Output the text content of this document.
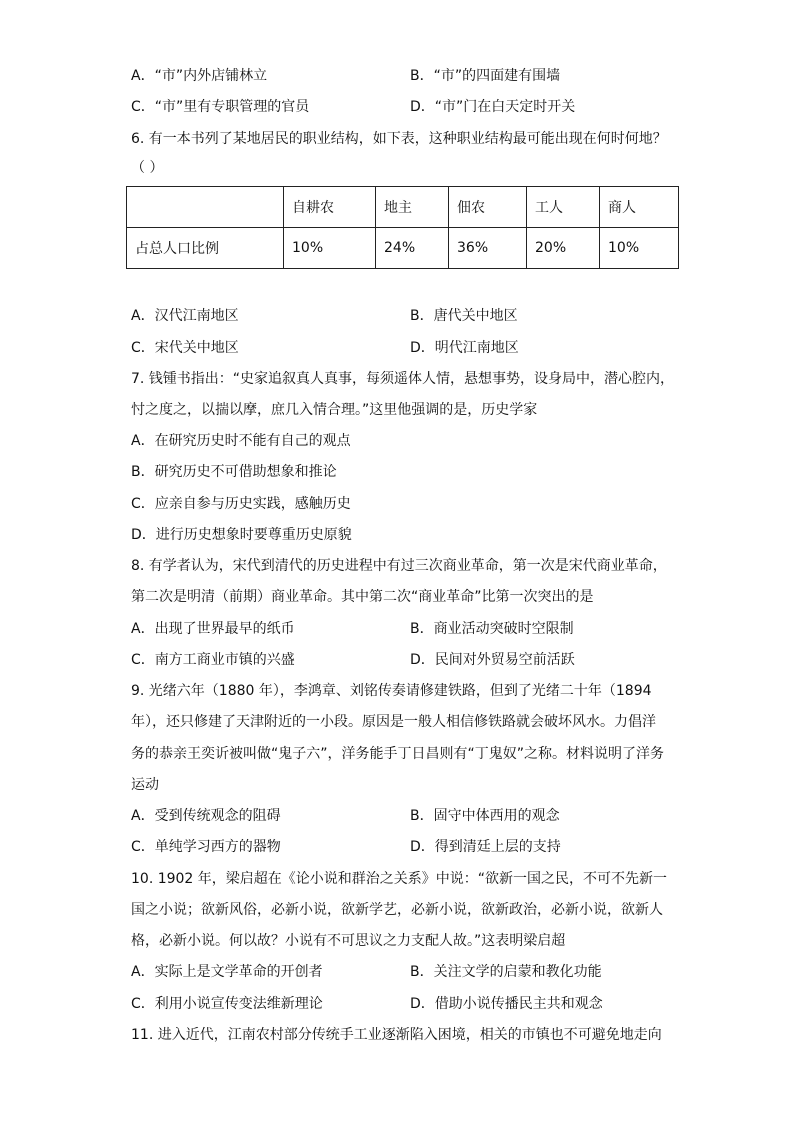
A．“市”内外店铺林立	B．“市”的四面建有围墙
C．“市”里有专职管理的官员	D．“市”门在白天定时开关
6. 有一本书列了某地居民的职业结构，如下表，这种职业结构最可能出现在何时何地？
（ ）
	自耕农	地主	佃农	工人	商人
占总人口比例	10%	24%	36%	20%	10%
A．汉代江南地区	B．唐代关中地区
C．宋代关中地区	D．明代江南地区
7. 钱锺书指出：“史家追叙真人真事，每须遥体人情，悬想事势，设身局中，潜心腔内，
忖之度之，以揣以摩，庶几入情合理。”这里他强调的是，历史学家
A．在研究历史时不能有自己的观点
B．研究历史不可借助想象和推论
C．应亲自参与历史实践，感触历史
D．进行历史想象时要尊重历史原貌
8. 有学者认为，宋代到清代的历史进程中有过三次商业革命，第一次是宋代商业革命，
第二次是明清（前期）商业革命。其中第二次“商业革命”比第一次突出的是
A．出现了世界最早的纸币	B．商业活动突破时空限制
C．南方工商业市镇的兴盛	D．民间对外贸易空前活跃
9. 光绪六年（1880 年），李鸿章、刘铭传奏请修建铁路，但到了光绪二十年（1894
年），还只修建了天津附近的一小段。原因是一般人相信修铁路就会破坏风水。力倡洋
务的恭亲王奕䜣被叫做“鬼子六”，洋务能手丁日昌则有“丁鬼奴”之称。材料说明了洋务
运动
A．受到传统观念的阻碍	B．固守中体西用的观念
C．单纯学习西方的器物	D．得到清廷上层的支持
10. 1902 年，梁启超在《论小说和群治之关系》中说：“欲新一国之民，不可不先新一
国之小说；欲新风俗，必新小说，欲新学艺，必新小说，欲新政治，必新小说，欲新人
格，必新小说。何以故？小说有不可思议之力支配人故。”这表明梁启超
A．实际上是文学革命的开创者	B．关注文学的启蒙和教化功能
C．利用小说宣传变法维新理论	D．借助小说传播民主共和观念
11. 进入近代，江南农村部分传统手工业逐渐陷入困境，相关的市镇也不可避免地走向
